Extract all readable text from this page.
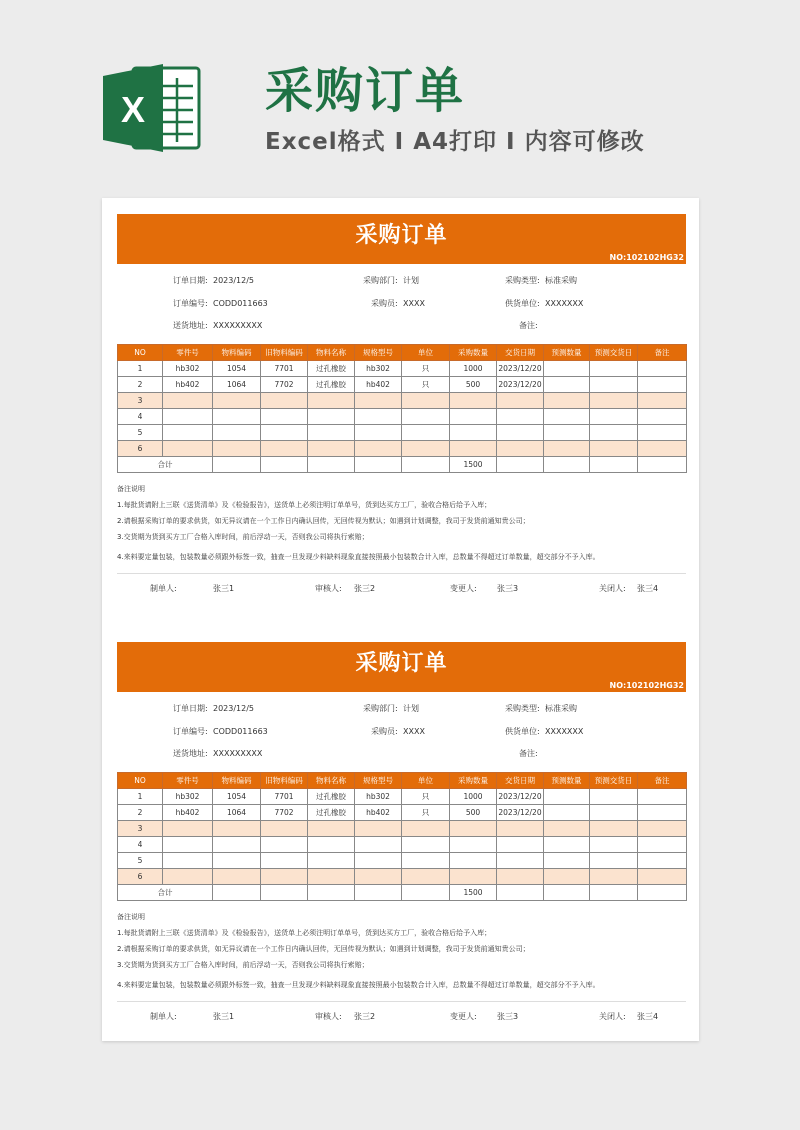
X 采购订单
Excel格式 I A4打印 I 内容可修改
采购订单
NO:102102HG32
订单日期: 2023/12/5	采购部门: 计划	采购类型: 标准采购
订单编号: CODD011663	采购员: XXXX	供货单位: XXXXXXX
送货地址: XXXXXXXXX	备注:
NO	零件号	物料编码	旧物料编码	物料名称	规格型号	单位	采购数量	交货日期	预测数量	预测交货日	备注
1	hb302	1054	7701	过孔橡胶	hb302	只	1000	2023/12/20			
2	hb402	1064	7702	过孔橡胶	hb402	只	500	2023/12/20			
3											
4											
5											
6											
合计							1500				
备注说明
1.每批货请附上三联《送货清单》及《检验报告》，送货单上必须注明订单单号，货到达买方工厂，验收合格后给予入库；
2.请根据采购订单的要求供货，如无异议请在一个工作日内确认回传，无回传视为默认；如遇到计划调整，我司于发货前通知贵公司；
3.交货期为货到买方工厂合格入库时间，前后浮动一天，否则我公司将执行索赔；
4.来料要定量包装，包装数量必须跟外标签一致，抽查一旦发现少料缺料现象直接按照最小包装数合计入库，总数量不得超过订单数量，超交部分不予入库。
制单人:	张三1	审核人: 张三2	变更人:	张三3	关闭人: 张三4
采购订单
NO:102102HG32
订单日期: 2023/12/5	采购部门: 计划	采购类型: 标准采购
订单编号: CODD011663	采购员: XXXX	供货单位: XXXXXXX
送货地址: XXXXXXXXX	备注:
NO	零件号	物料编码	旧物料编码	物料名称	规格型号	单位	采购数量	交货日期	预测数量	预测交货日	备注
1	hb302	1054	7701	过孔橡胶	hb302	只	1000	2023/12/20			
2	hb402	1064	7702	过孔橡胶	hb402	只	500	2023/12/20			
3											
4											
5											
6											
合计							1500				
备注说明
1.每批货请附上三联《送货清单》及《检验报告》，送货单上必须注明订单单号，货到达买方工厂，验收合格后给予入库；
2.请根据采购订单的要求供货，如无异议请在一个工作日内确认回传，无回传视为默认；如遇到计划调整，我司于发货前通知贵公司；
3.交货期为货到买方工厂合格入库时间，前后浮动一天，否则我公司将执行索赔；
4.来料要定量包装，包装数量必须跟外标签一致，抽查一旦发现少料缺料现象直接按照最小包装数合计入库，总数量不得超过订单数量，超交部分不予入库。
制单人:	张三1	审核人: 张三2	变更人:	张三3	关闭人: 张三4
